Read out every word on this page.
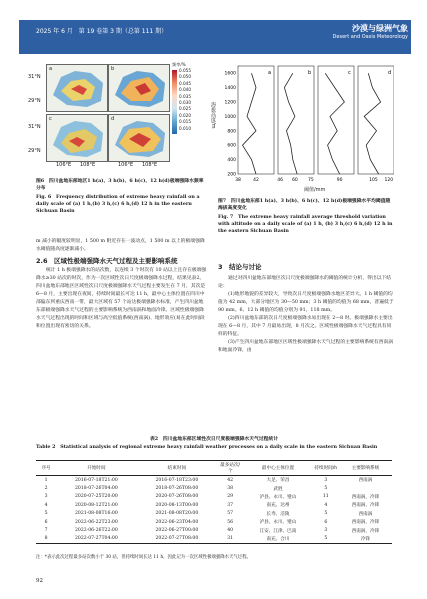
2025 年 6 月　第 19 卷第 3 期（总第 111 期）	沙漠与绿洲气象
Desert and Oasis Meteorology
a	b
c	d
31°N
29°N
31°N
29°N
106°E 108°E	106°E 108°E
频率/%
0.055
0.050
0.045
0.040
0.035
0.030
0.025
0.020
0.015
0.010
图6　四川盆地东部地区1 h(a)、3 h(b)、6 h(c)、12 h(d)极端强降水频率分布
Fig. 6　Frequency distribution of extreme heavy rainfall on a daily scale of (a) 1 h,(b) 3 h,(c) 6 h,(d) 12 h in the eastern Sichuan Basin
a
38	42
200
400
600
800
1000
1200
1400
1600	b
46 60 75
c
90
d
105 120
海拔高度/m
阈值/mm
图7　四川盆地东部1 h(a)、3 h(b)、6 h(c)、12 h(d)极端强降水平均阈值随海拔高度变化
Fig. 7　The extreme heavy rainfall average threshold variation with altitude on a daily scale of (a) 1 h, (b) 3 h,(c) 6 h,(d) 12 h in the eastern Sichuan Basin
m 减小的幅度较明显，1 500 m 附近存在一波动点，1 500 m 以上的极端强降水阈值随高度逐渐减小。
2.6　区域性极端强降水天气过程及主要影响系统
统计 1 h 极端强降水的站次数，以连续 3 个时次有 10 站以上且存在极端强降水≥30 站次的时次，作为一次区域性次日尺度极端强降水过程，结果见表2。四川盆地东部地区区域性次日尺度极端强降水天气过程主要发生在 7 月，其次是 6—8 月，主要出现在夜间，持续时间最长可达 11 h，最中心主体位置在四川中部偏东到重庆西南一带，最大区域有 57 个站达极端强降水标准，产生四川盆地东部极端强降水天气过程的主要影响系统为西南涡和地面冷锋。区域性极端强降水天气过程出现的时间和区域与高空低值系统(西南涡)、地形效应(易在此时间段和位置出现有密切的关系。
3　结论与讨论
通过对四川盆地东部地区次日尺度极端强降水的阈值的统计分析，得出以下结论：
(1)地形地貌的差异较大，导致次日尺度极端强降水地区差异大。1 h 阈值的均值为 42 mm，大部分地区为 30—50 mm；3 h 阈值的均值为 68 mm，普遍低于 90 mm。6、12 h 阈值的均值分别为 91、118 mm。
(2)四川盆地东部的次日尺度极端强降水易出现在 2—8 时。极端强降水主要出现在 6—8 月，其中 7 月最易出现，8 月次之。区域性极端强降水天气过程具有同样的特征。
(3)产生四川盆地东部地区区域性极端强降水天气过程的主要影响系统有西南涡和地面冷锋，由
表2　四川盆地东部区域性次日尺度极端强降水天气过程统计
Table 2　Statistical analysis of regional extreme heavy rainfall weather processes on a daily scale in the eastern Sichuan Basin
序号	开始时间	结束时间	最多站次/个	最中心主体位置	持续时间/h	主要影响系统
1	2016-07-18T21:00	2016-07-18T23:00	42	大足、荣昌	3	西南涡
2	2018-07-26T04:00	2018-07-26T08:00	38	武胜	5	
3	2020-07-25T20:00	2020-07-26T08:00	29	泸县、永川、璧山	11	西南涡，冷锋
4	2020-08-12T21:00	2020-08-13T00:00	37	南充、达州	4	西南涡，冷锋
5	2021-08-08T16:00	2021-08-08T20:00	57	长寿、涪陵	5	西南涡
6	2022-06-22T23:00	2022-06-23T04:00	56	泸县、永川、璧山	6	西南涡，冷锋
7	2022-06-26T22:00	2022-06-27T00:00	40	江安、江津、巴南	3	西南涡，冷锋
8	2022-07-27T04:00	2022-07-27T08:00	31	南充、合川	5	冷锋
注：*表示此次过程最多站次数小于 30 站，但持续时间长达 11 h，因此记为一次区域性极端强降水天气过程。
92
